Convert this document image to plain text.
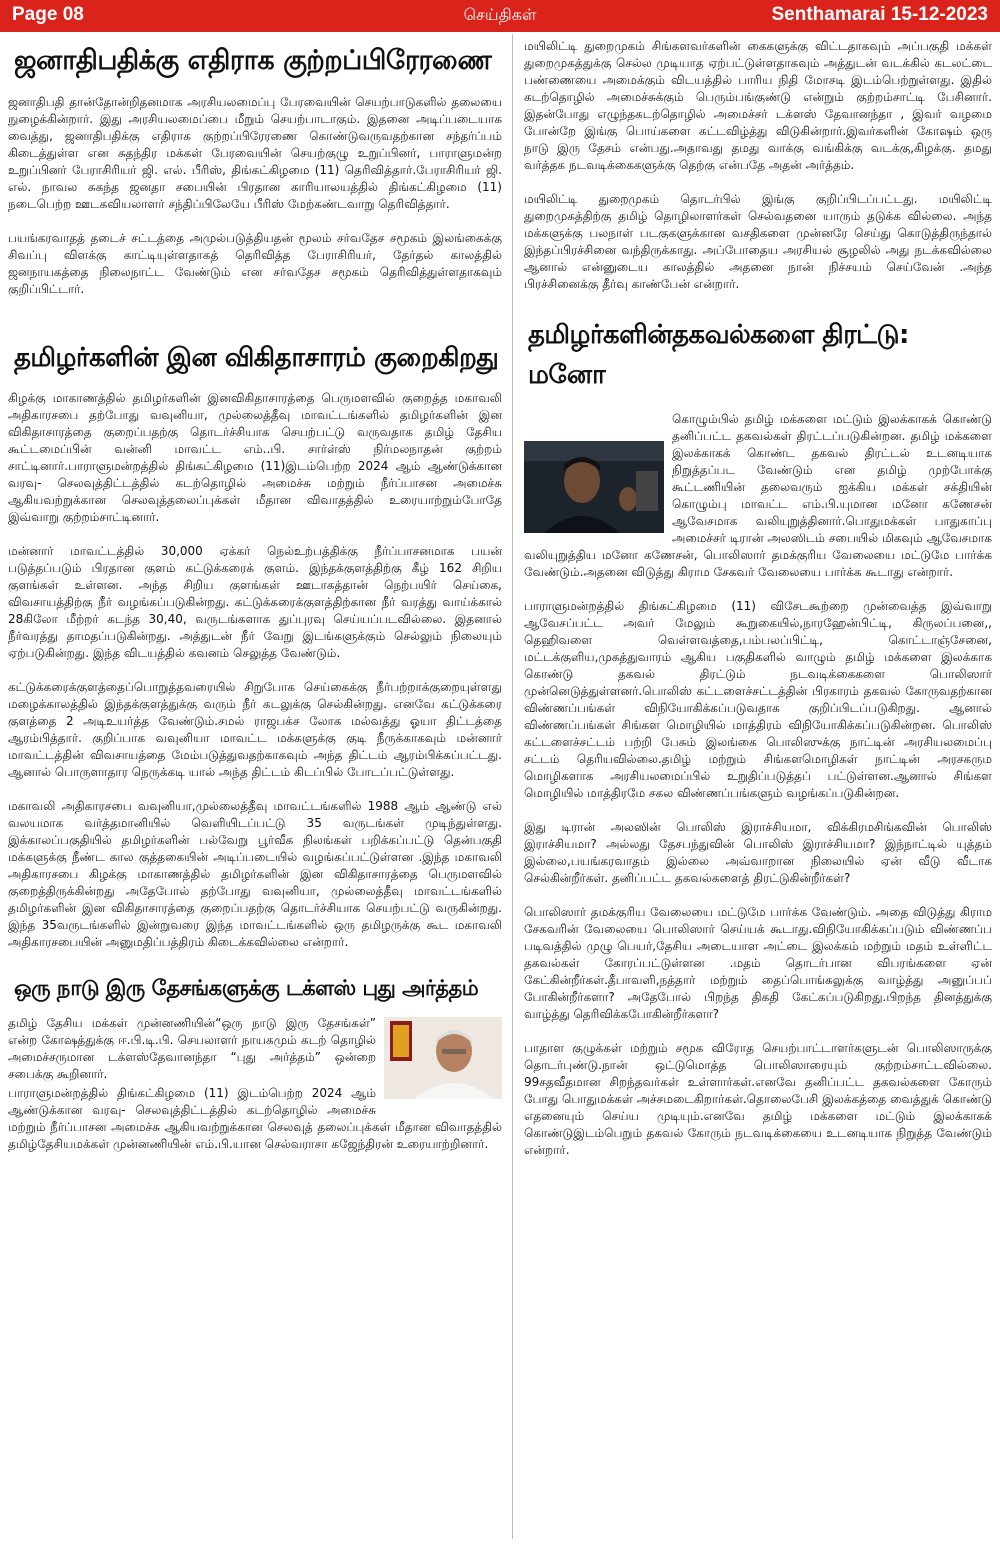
Page 08	செய்திகள்	Senthamarai 15-12-2023
ஜனாதிபதிக்கு எதிராக குற்றப்பிரேரணை

ஜனாதிபதி தான்தோன்றிதனமாக அரசியலமைப்பு பேரவையின் செயற்பாடுகளில் தலையை நுழைக்கின்றார். இது அரசியலமைப்பை மீறும் செயற்பாடாகும். இதனை அடிப்படையாக வைத்து, ஜனாதிபதிக்கு எதிராக குற்றப்பிரேரணை கொண்டுவருவதற்கான சந்தர்ப்பம் கிடைத்துள்ள என சுதந்திர மக்கள் பேரவையின் செயற்குழு உறுப்பினர், பாராளுமன்ற உறுப்பினர் பேராசிரியர் ஜி. எல். பீரிஸ், திங்கட்கிழமை (11) தெரிவித்தார்.பேராசிரியர் ஜி. எல். நாவல சுகந்த ஜனதா சபையின் பிரதான காரியாலயத்தில் திங்கட்கிழமை (11) நடைபெற்ற ஊடகவியலாளர் சந்திப்பிலேயே பீரிஸ் மேற்கண்டவாறு தெரிவித்தார்.

பயங்கரவாதத் தடைச் சட்டத்தை அமுல்படுத்தியதன் மூலம் சர்வதேச சமூகம் இலங்கைக்கு சிவப்பு விளக்கு காட்டியுள்ளதாகத் தெரிவித்த பேராசிரியர், தேர்தல் காலத்தில் ஜனநாயகத்தை நிலைநாட்ட வேண்டும் என சர்வதேச சமூகம் தெரிவித்துள்ளதாகவும் குறிப்பிட்டார்.

தமிழர்களின் இன விகிதாசாரம் குறைகிறது

கிழக்கு மாகாணத்தில் தமிழர்களின் இனவிகிதாசாரத்தை பெருமளவில் குறைத்த மகாவலி அதிகாரசபை தற்போது வவுனியா, முல்லைத்தீவு மாவட்டங்களில் தமிழர்களின் இன விகிதாசாரத்தை குறைப்பதற்கு தொடர்ச்சியாக செயற்பட்டு வருவதாக தமிழ் தேசிய கூட்டமைப்பின் வன்னி மாவட்ட எம்..பி. சார்ள்ஸ் நிர்மலநாதன் குற்றம் சாட்டினார்.பாராளுமன்றத்தில் திங்கட்கிழமை (11)இடம்பெற்ற 2024 ஆம் ஆண்டுக்கான வரவு- செலவுத்திட்டத்தில் கடற்தொழில் அமைச்சு மற்றும் நீர்ப்பாசன அமைச்சு ஆகியவற்றுக்கான செலவுத்தலைப்புக்கள் மீதான விவாதத்தில் உரையாற்றும்போதே இவ்வாறு குற்றம்சாட்டினார்.

மன்னார் மாவட்டத்தில் 30,000 ஏக்கர் நெல்உற்பத்திக்கு நீர்ப்பாசனமாக பயன் படுத்தப்படும் பிரதான குளம் கட்டுக்கரைக் குளம். இந்தக்குளத்திற்கு கீழ் 162 சிறிய குளங்கள் உள்ளன. அந்த சிறிய குளங்கள் ஊடாகத்தான் நெற்பயிர் செய்கை, விவசாயத்திற்கு நீர் வழங்கப்படுகின்றது. கட்டுக்கரைக்குளத்திற்கான நீர் வரத்து வாய்க்கால் 28கிலோ மீற்றர் கடந்த 30,40, வருடங்களாக துப்புரவு செய்யப்படவில்லை. இதனால் நீர்வரத்து தாமதப்படுகின்றது. அத்துடன் நீர் வேறு இடங்களுக்கும் செல்லும் நிலையும் ஏற்படுகின்றது. இந்த விடயத்தில் கவனம் செலுத்த வேண்டும்.

கட்டுக்கரைக்குளத்தைப்பொறுத்தவரையில் சிறுபோக செய்கைக்கு நீர்பற்றாக்குறையுள்ளது மழைக்காலத்தில் இந்தக்குளத்துக்கு வரும் நீர் கடலுக்கு செல்கின்றது. எனவே கட்டுக்கரை குளத்தை 2 அடிஉயர்த்த வேண்டும்.சமல் ராஜபக்ச லோக மல்வத்து ஓயா திட்டத்தை ஆரம்பித்தார். குறிப்பாக வவுனியா மாவட்ட மக்களுக்கு குடி நீருக்காகவும் மன்னார் மாவட்டத்தின் விவசாயத்தை மேம்படுத்துவதற்காகவும் அந்த திட்டம் ஆரம்பிக்கப்பட்டது. ஆனால் பொருளாதார நெருக்கடி யால் அந்த திட்டம் கிடப்பில் போடப்பட்டுள்ளது.

மகாவலி அதிகாரசபை வவுனியா,முல்லைத்தீவு மாவட்டங்களில் 1988 ஆம் ஆண்டு எல் வலயமாக வர்த்தமானியில் வெளியிடப்பட்டு 35 வருடங்கள் முடிந்துள்ளது. இக்காலப்பகுதியில் தமிழர்களின் பல்வேறு பூர்வீக நிலங்கள் பறிக்கப்பட்டு தென்பகுதி மக்களுக்கு நீண்ட கால குத்தகையின் அடிப்படையில் வழங்கப்பட்டுள்ளன .இந்த மகாவலி அதிகாரசபை கிழக்கு மாகாணத்தில் தமிழர்களின் இன விகிதாசாரத்தை பெருமளவில் குறைத்திருக்கின்றது அதேபோல் தற்போது வவுனியா, முல்லைத்தீவு மாவட்டங்களில் தமிழர்களின் இன விகிதாசாரத்தை குறைப்பதற்கு தொடர்ச்சியாக செயற்பட்டு வருகின்றது. இந்த 35வருடங்களில் இன்றுவரை இந்த மாவட்டங்களில் ஒரு தமிழருக்கு கூட மகாவலி அதிகாரசபையின் அனுமதிப்பத்திரம் கிடைக்கவில்லை என்றார்.

ஒரு நாடு இரு தேசங்களுக்கு டக்ளஸ் புது அர்த்தம்

தமிழ் தேசிய மக்கள் முன்னணியின்“ஒரு நாடு இரு தேசங்கள்” என்ற கோஷத்துக்கு ஈ.பி.டி.பி. செயலாளர் நாயகமும் கடற் தொழில் அமைச்சருமான டக்ளஸ்தேவானந்தா “புது அர்த்தம்” ஒன்றை சபைக்கு கூறினார்.

பாராளுமன்றத்தில் திங்கட்கிழமை (11) இடம்பெற்ற 2024 ஆம் ஆண்டுக்கான வரவு- செலவுத்திட்டத்தில் கடற்தொழில் அமைச்சு மற்றும் நீர்ப்பாசன அமைச்சு ஆகியவற்றுக்கான செலவுத் தலைப்புக்கள் மீதான விவாதத்தில் தமிழ்தேசியமக்கள் முன்னணியின் எம்.பி.யான செல்வராசா கஜேந்திரன் உரையாற்றினார்.

மயிலிட்டி துறைமுகம் சிங்களவர்களின் கைகளுக்கு விட்டதாகவும் அப்பகுதி மக்கள் துறைமுகத்துக்கு செல்ல முடியாத ஏற்பட்டுள்ளதாகவும் அத்துடன் வடக்கில் கடலட்டை பண்ணையை அமைக்கும் விடயத்தில் பாரிய நிதி மோசடி இடம்பெற்றுள்ளது. இதில் கடற்தொழில் அமைச்சுக்கும் பெரும்பங்குண்டு என்றும் குற்றம்சாட்டி பேசினார். இதன்போது எழுந்தகடற்தொழில் அமைச்சர் டக்ளஸ் தேவானந்தா , இவர் வழமை போன்றே இங்கு பொய்களை கட்டவிழ்த்து விடுகின்றார்.இவர்களின் கோஷம் ஒரு நாடு இரு தேசம் என்பது.அதாவது தமது வாக்கு வங்கிக்கு வடக்கு,கிழக்கு. தமது வர்த்தக நடவடிக்கைகளுக்கு தெற்கு என்பதே அதன் அர்த்தம்.

மயிலிட்டி துறைமுகம் தொடர்பில் இங்கு குறிப்பிடப்பட்டது. மயிலிட்டி துறைமுகத்திற்கு தமிழ் தொழிலாளர்கள் செல்வதனை யாரும் தடுக்க வில்லை. அந்த மக்களுக்கு பலநாள் படகுகளுக்கான வசதிகளை முன்னரே செய்து கொடுத்திருந்தால் இந்தப்பிரச்சினை வந்திருக்காது. அப்போதைய அரசியல் சூழலில் அது நடக்கவில்லை ஆனால் என்னுடைய காலத்தில் அதனை நான் நிச்சயம் செய்வேன் .அந்த பிரச்சினைக்கு தீர்வு காண்பேன் என்றார்.

தமிழர்களின்தகவல்களை திரட்டு: மனோ

கொழும்பில் தமிழ் மக்களை மட்டும் இலக்காகக் கொண்டு தனிப்பட்ட தகவல்கள் திரட்டப்படுகின்றன. தமிழ் மக்களை இலக்காகக் கொண்ட தகவல் திரட்டல் உடனடியாக நிறுத்தப்பட வேண்டும் என தமிழ் முற்போக்கு கூட்டணியின் தலைவரும் ஐக்கிய மக்கள் சக்தியின் கொழும்பு மாவட்ட எம்.பி.யுமான மனோ கணேசன் ஆவேசமாக வலியுறுத்தினார்.பொதுமக்கள் பாதுகாப்பு அமைச்சர் டிரான் அலஸிடம் சபையில் மிகவும் ஆவேசமாக வலியுறுத்திய மனோ கணேசன், பொலிஸார் தமக்குரிய வேலையை மட்டுமே பார்க்க வேண்டும்.அதனை விடுத்து கிராம சேகவர் வேலையை பார்க்க கூடாது என்றார்.

பாராளுமன்றத்தில் திங்கட்கிழமை (11) விசேடகூற்றை முன்வைத்த இவ்வாறு ஆவேசப்பட்ட அவர் மேலும் கூறுகையில்,நாரஹேன்பிட்டி, கிருலப்பனை,, தெஹிவளை வெள்ளவத்தை,பம்பலப்பிட்டி, கொட்டாஞ்சேனை, மட்டக்குளிய,முகத்துவாரம் ஆகிய பகுதிகளில் வாழும் தமிழ் மக்களை இலக்காக கொண்டு தகவல் திரட்டும் நடவடிக்கைகளை பொலிஸார் முன்னெடுத்துள்ளனர்.பொலிஸ் கட்டளைச்சட்டத்தின் பிரகாரம் தகவல் கோருவதற்கான விண்ணப்பங்கள் விநியோகிக்கப்படுவதாக குறிப்பிடப்படுகிறது. ஆனால் விண்ணப்பங்கள் சிங்கள மொழியில் மாத்திரம் விநியோகிக்கப்படுகின்றன. பொலிஸ் கட்டளைச்சட்டம் பற்றி பேசும் இலங்கை பொலிஸுக்கு நாட்டின் அரசியலமைப்பு சட்டம் தெரியவில்லை.தமிழ் மற்றும் சிங்களமொழிகள் நாட்டின் அரசகரும மொழிகளாக அரசியலமைப்பில் உறுதிப்படுத்தப் பட்டுள்ளன.ஆனால் சிங்கள மொழியில் மாத்திரமே சகல விண்ணப்பங்களும் வழங்கப்படுகின்றன.

இது டிரான் அலஸின் பொலிஸ் இராச்சியமா, விக்கிரமசிங்கவின் பொலிஸ் இராச்சியமா? அல்லது தேசபந்துவின் பொலிஸ் இராச்சியமா? இந்நாட்டில் யுத்தம் இல்லை,பயங்கரவாதம் இல்லை அவ்வாறான நிலையில் ஏன் வீடு வீடாக செல்கின்றீர்கள். தனிப்பட்ட தகவல்களைத் திரட்டுகின்றீர்கள்?

பொலிஸார் தமக்குரிய வேலையை மட்டுமே பார்க்க வேண்டும். அதை விடுத்து கிராம சேகவரின் வேலையை பொலிஸார் செய்யக் கூடாது.விநியோகிக்கப்படும் விண்ணப்ப படிவத்தில் முழு பெயர்,தேசிய அடையாள அட்டை இலக்கம் மற்றும் மதம் உள்ளிட்ட தகவல்கள் கோரப்பட்டுள்ளன .மதம் தொடர்பான விபரங்களை ஏன் கேட்கின்றீர்கள்.தீபாவளி,நத்தார் மற்றும் தைப்பொங்கலுக்கு வாழ்த்து அனுப்பப் போகின்றீர்களா? அதேபோல் பிறந்த திகதி கேட்கப்படுகிறது.பிறந்த தினத்துக்கு வாழ்த்து தெரிவிக்கபோகின்றீர்களா?

பாதாள குழுக்கள் மற்றும் சமூக விரோத செயற்பாட்டாளர்களுடன் பொலிஸாருக்கு தொடர்புண்டு.நான் ஒட்டுமொத்த பொலிஸாரையும் குற்றம்சாட்டவில்லை. 99சதவீதமான சிறந்தவர்கள் உள்ளார்கள்.எனவே தனிப்பட்ட தகவல்களை கோரும் போது பொதுமக்கள் அச்சமடைகிறார்கள்.தொலைபேசி இலக்கத்தை வைத்துக் கொண்டு எதனையும் செய்ய முடியும்.எனவே தமிழ் மக்களை மட்டும் இலக்காகக் கொண்டுஇடம்பெறும் தகவல் கோரும் நடவடிக்கையை உடனடியாக நிறுத்த வேண்டும் என்றார்.
